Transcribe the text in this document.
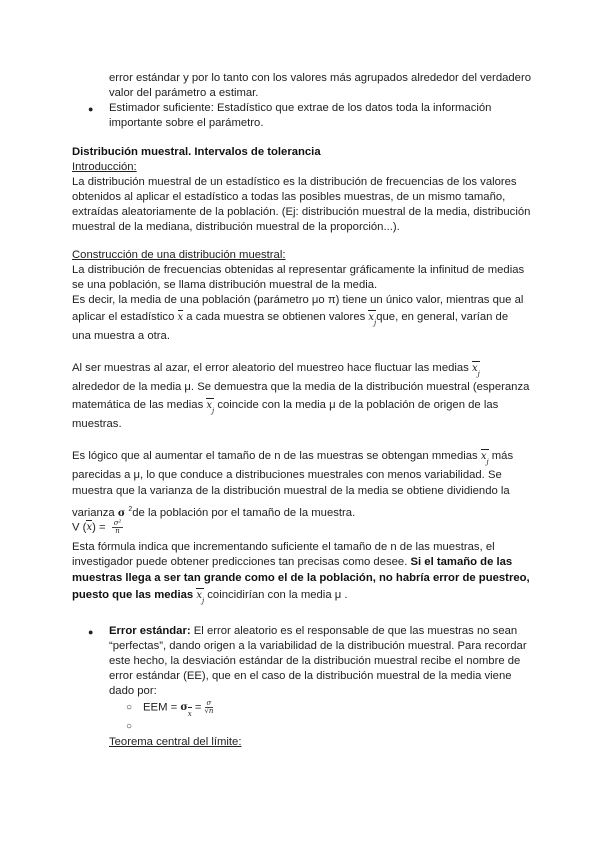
error estándar y por lo tanto con los valores más agrupados alrededor del verdadero
valor del parámetro a estimar.
● Estimador suficiente: Estadístico que extrae de los datos toda la información
importante sobre el parámetro.
Distribución muestral. Intervalos de tolerancia
Introducción:
La distribución muestral de un estadístico es la distribución de frecuencias de los valores
obtenidos al aplicar el estadístico a todas las posibles muestras, de un mismo tamaño,
extraídas aleatoriamente de la población. (Ej: distribución muestral de la media, distribución
muestral de la mediana, distribución muestral de la proporción...).
Construcción de una distribución muestral:
La distribución de frecuencias obtenidas al representar gráficamente la infinitud de medias
se una población, se llama distribución muestral de la media.
Es decir, la media de una población (parámetro μo π) tiene un único valor, mientras que al
aplicar el estadístico x a cada muestra se obtienen valores $x_jque$, en general, varían de
una muestra a otra.
Al ser muestras al azar, el error aleatorio del muestreo hace fluctuar las medias $x_j$
alrededor de la media μ. Se demuestra que la media de la distribución muestral (esperanza
matemática de las medias $x_j$ coincide con la media μ de la población de origen de las
muestras.
Es lógico que al aumentar el tamaño de n de las muestras se obtengan mmedias $x_j$ más
parecidas a μ, lo que conduce a distribuciones muestrales con menos variabilidad. Se
muestra que la varianza de la distribución muestral de la media se obtiene dividiendo la
varianza σ $^2$de la población por el tamaño de la muestra.
V (
$x) = \frac{\text{σ²}}{n}$
Esta fórmula indica que incrementando suficiente el tamaño de n de las muestras, el
investigador puede obtener predicciones tan precisas como desee. Si el tamaño de las
muestras llega a ser tan grande como el de la población, no habría error de puestreo,
puesto que las medias $x_j$ coincidirían con la media μ .
● Error estándar: El error aleatorio es el responsable de que las muestras no sean
“perfectas”, dando origen a la variabilidad de la distribución muestral. Para recordar
este hecho, la desviación estándar de la distribución muestral recibe el nombre de
error estándar (EE), que en el caso de la distribución muestral de la media viene
dado por:
○ EEM = σ
$x = \frac{\sigma}{√n}$
○
Teorema central del límite:
